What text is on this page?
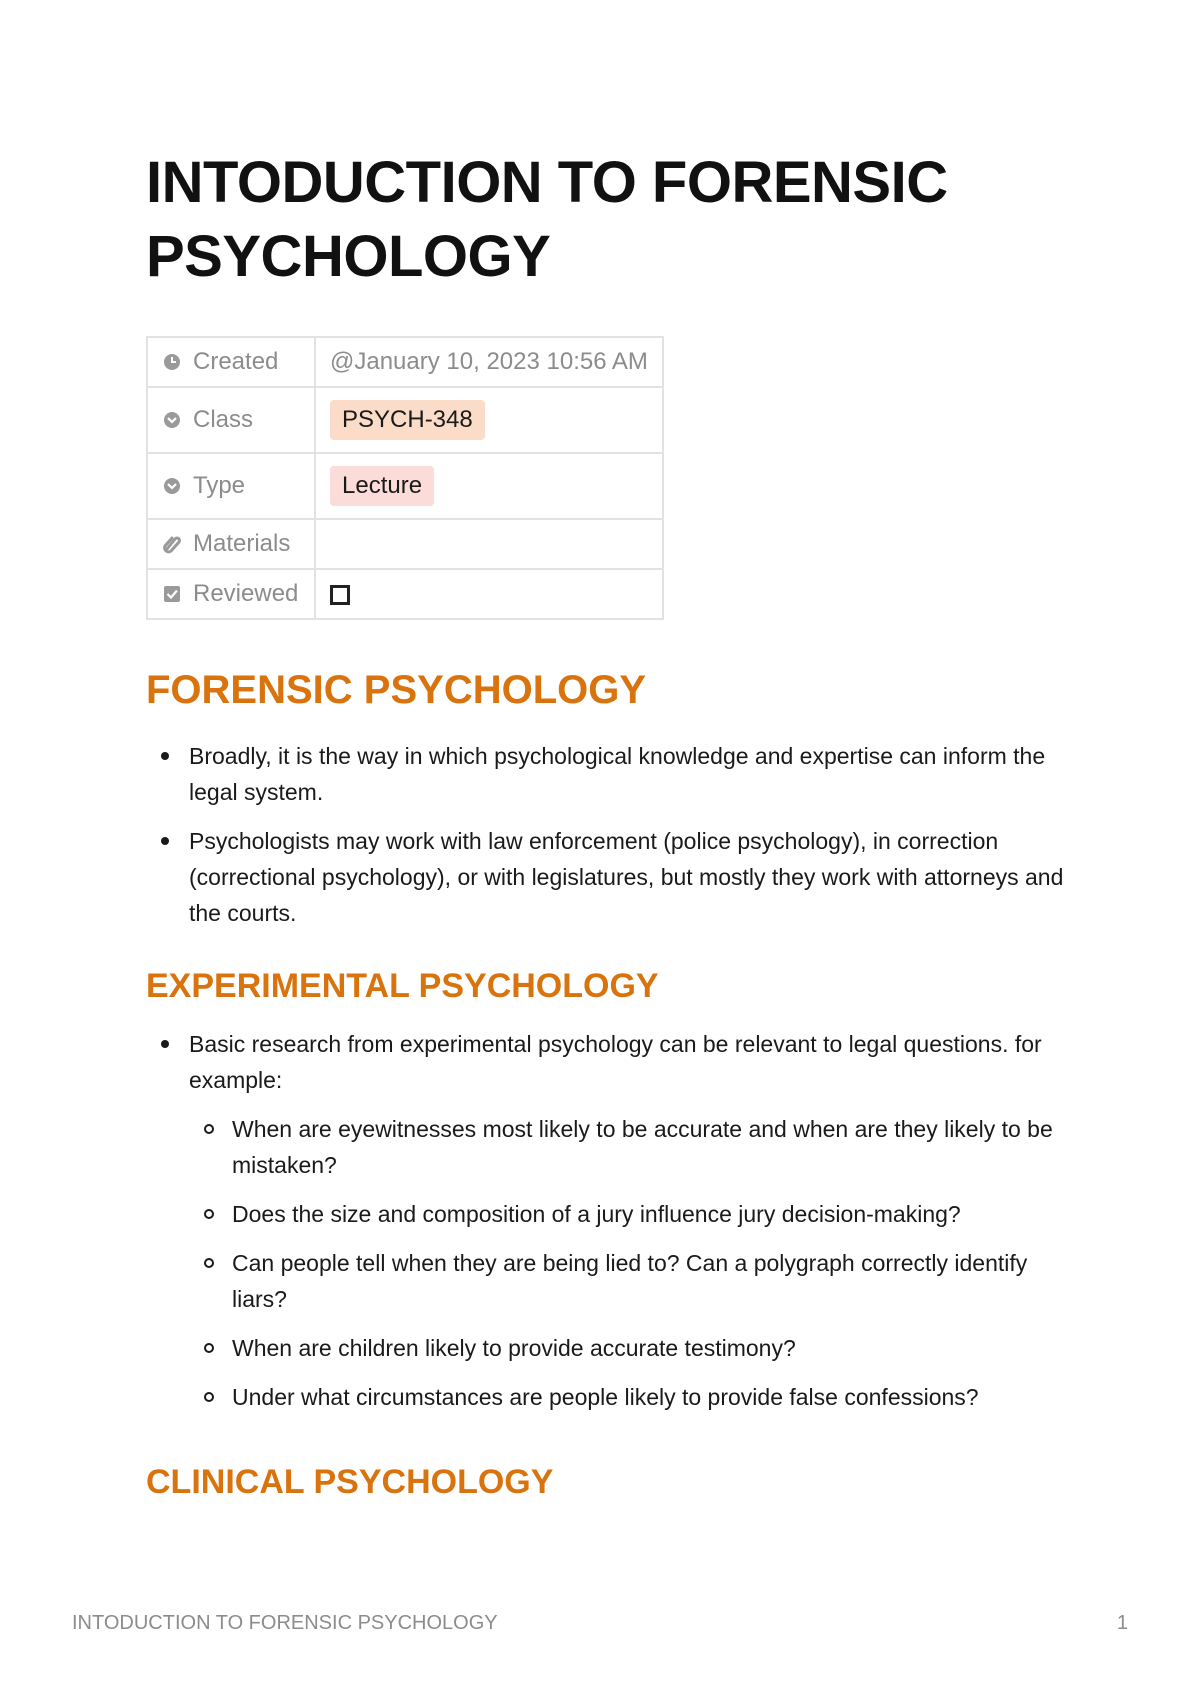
INTODUCTION TO FORENSIC PSYCHOLOGY
Created	@January 10, 2023 10:56 AM

Class	PSYCH-348

Type	Lecture

Materials	

Reviewed	

FORENSIC PSYCHOLOGY
Broadly, it is the way in which psychological knowledge and expertise can inform the legal system.
Psychologists may work with law enforcement (police psychology), in correction (correctional psychology), or with legislatures, but mostly they work with attorneys and the courts.
EXPERIMENTAL PSYCHOLOGY
Basic research from experimental psychology can be relevant to legal questions. for example:
When are eyewitnesses most likely to be accurate and when are they likely to be mistaken?
Does the size and composition of a jury influence jury decision-making?
Can people tell when they are being lied to? Can a polygraph correctly identify liars?
When are children likely to provide accurate testimony?
Under what circumstances are people likely to provide false confessions?
CLINICAL PSYCHOLOGY
INTODUCTION TO FORENSIC PSYCHOLOGY	1
